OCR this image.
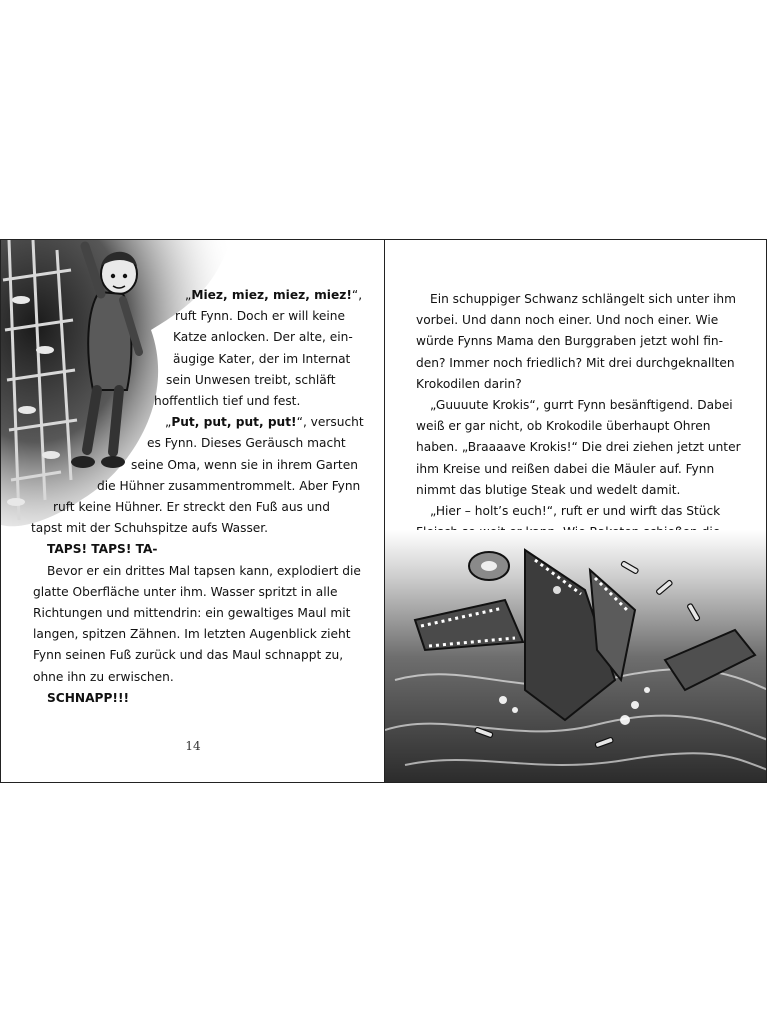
„Miez, miez, miez, miez!“,

ruft Fynn. Doch er will keine

Katze anlocken. Der alte, ein-

äugige Kater, der im Internat

sein Unwesen treibt, schläft

hoffentlich tief und fest.

„Put, put, put, put!“, versucht

es Fynn. Dieses Geräusch macht

seine Oma, wenn sie in ihrem Garten

die Hühner zusammentrommelt. Aber Fynn

ruft keine Hühner. Er streckt den Fuß aus und

tapst mit der Schuhspitze aufs Wasser.

TAPS! TAPS! TA-

Bevor er ein drittes Mal tapsen kann, explodiert die

glatte Oberfläche unter ihm. Wasser spritzt in alle

Richtungen und mittendrin: ein gewaltiges Maul mit

langen, spitzen Zähnen. Im letzten Augenblick zieht

Fynn seinen Fuß zurück und das Maul schnappt zu,

ohne ihn zu erwischen.

SCHNAPP!!!

14

Ein schuppiger Schwanz schlängelt sich unter ihm

vorbei. Und dann noch einer. Und noch einer. Wie

würde Fynns Mama den Burggraben jetzt wohl fin-

den? Immer noch friedlich? Mit drei durchgeknallten

Krokodilen darin?

„Guuuute Krokis“, gurrt Fynn besänftigend. Dabei

weiß er gar nicht, ob Krokodile überhaupt Ohren

haben. „Braaaave Krokis!“ Die drei ziehen jetzt unter

ihm Kreise und reißen dabei die Mäuler auf. Fynn

nimmt das blutige Steak und wedelt damit.

„Hier – holt’s euch!“, ruft er und wirft das Stück
